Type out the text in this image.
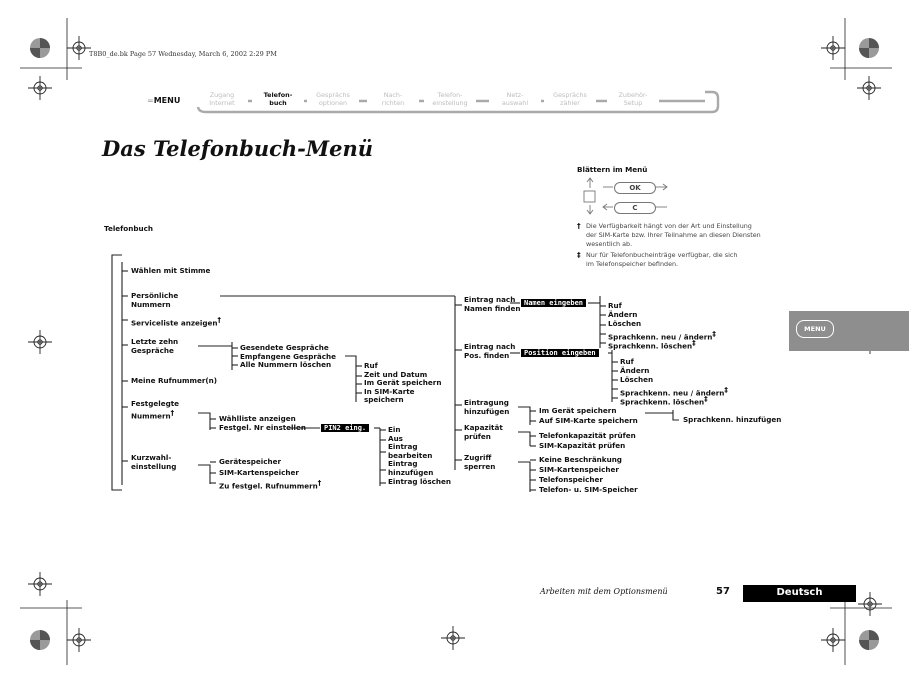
T8B0_de.bk Page 57 Wednesday, March 6, 2002 2:29 PM
=MENU
Zugang
Internet
Telefon-
buch
Gesprächs
optionen
Nach-
richten
Telefon-
einstellung
Netz-
auswahl
Gesprächs
zähler
Zubehör-
Setup
Das Telefonbuch-Menü
Blättern im Menü
OK
C
† Die Verfügbarkeit hängt von der Art und Einstellung
der SIM-Karte bzw. Ihrer Teilnahme an diesen Diensten
wesentlich ab.
‡ Nur für Telefonbucheinträge verfügbar, die sich
im Telefonspeicher befinden.
Telefonbuch
Wählen mit Stimme
Persönliche
Nummern
Serviceliste anzeigen†
Letzte zehn
Gespräche
Meine Rufnummer(n)
Festgelegte
Nummern†
Kurzwahl-
einstellung
Gesendete Gespräche
Empfangene Gespräche
Alle Nummern löschen	Ruf
Zeit und Datum
Im Gerät speichern
In SIM-Karte
speichern
Wählliste anzeigen
Festgel. Nr einstellen	PIN2 eing.	Ein
Aus
Eintrag
bearbeiten
Eintrag
hinzufügen
Eintrag löschen
Gerätespeicher
SIM-Kartenspeicher
Zu festgel. Rufnummern†
Eintrag nach
Namen finden
Eintrag nach
Pos. finden
Eintragung
hinzufügen
Kapazität
prüfen
Zugriff
sperren
Namen eingeben
Position eingeben
Ruf
Ändern
Löschen
Sprachkenn. neu / ändern‡
Sprachkenn. löschen‡
Ruf
Ändern
Löschen
Sprachkenn. neu / ändern‡
Sprachkenn. löschen‡
Im Gerät speichern
Auf SIM-Karte speichern	Sprachkenn. hinzufügen
Telefonkapazität prüfen
SIM-Kapazität prüfen
Keine Beschränkung
SIM-Kartenspeicher
Telefonspeicher
Telefon- u. SIM-Speicher
MENU
Arbeiten mit dem Optionsmenü	57	Deutsch
